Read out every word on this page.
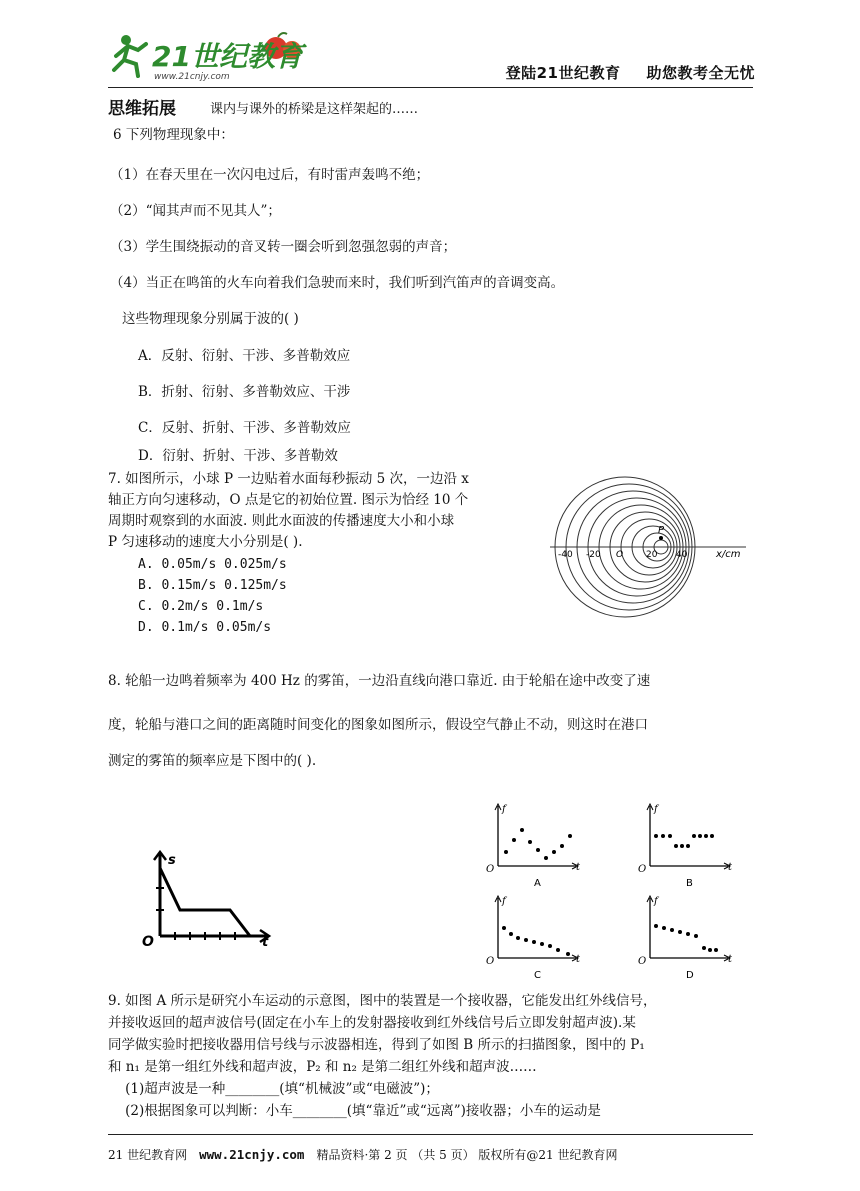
21世纪教育
www.21cnjy.com	登陆21世纪教育 助您教考全无忧
思维拓展	课内与课外的桥梁是这样架起的……
6 下列物理现象中：
（1）在春天里在一次闪电过后，有时雷声轰鸣不绝；
（2）“闻其声而不见其人”；
（3）学生围绕振动的音叉转一圈会听到忽强忽弱的声音；
（4）当正在鸣笛的火车向着我们急驶而来时，我们听到汽笛声的音调变高。
这些物理现象分别属于波的( )
A．反射、衍射、干涉、多普勒效应
B．折射、衍射、多普勒效应、干涉
C．反射、折射、干涉、多普勒效应
D．衍射、折射、干涉、多普勒效
7. 如图所示，小球 P 一边贴着水面每秒振动 5 次，一边沿 x
轴正方向匀速移动，O 点是它的初始位置. 图示为恰经 10 个
周期时观察到的水面波. 则此水面波的传播速度大小和小球
P 匀速移动的速度大小分别是( ).
A. 0.05m/s 0.025m/s
B. 0.15m/s 0.125m/s
C. 0.2m/s 0.1m/s
D. 0.1m/s 0.05m/s
-40 -20 O	20 40	x/cm
P
8. 轮船一边鸣着频率为 400 Hz 的雾笛，一边沿直线向港口靠近. 由于轮船在途中改变了速
度，轮船与港口之间的距离随时间变化的图象如图所示，假设空气静止不动，则这时在港口
测定的雾笛的频率应是下图中的( ).
s
t
O
f
t
O
A
f
t
O
B
f
t
O
C
f
t
O
D
9. 如图 A 所示是研究小车运动的示意图，图中的装置是一个接收器，它能发出红外线信号，
并接收返回的超声波信号(固定在小车上的发射器接收到红外线信号后立即发射超声波).某
同学做实验时把接收器用信号线与示波器相连，得到了如图 B 所示的扫描图象，图中的 P₁
和 n₁ 是第一组红外线和超声波，P₂ 和 n₂ 是第二组红外线和超声波……
(1)超声波是一种________(填“机械波”或“电磁波”)；
(2)根据图象可以判断：小车________(填“靠近”或“远离”)接收器；小车的运动是
21 世纪教育网 www.21cnjy.com 精品资料·第 2 页 （共 5 页） 版权所有@21 世纪教育网
